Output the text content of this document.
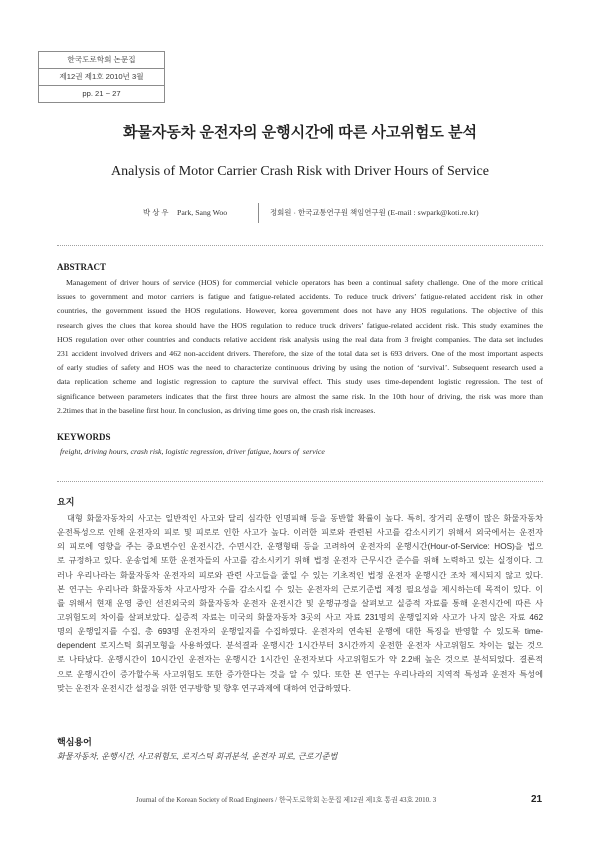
한국도로학회 논문집
제12권 제1호 2010년 3월
pp. 21 ~ 27
화물자동차 운전자의 운행시간에 따른 사고위험도 분석
Analysis of Motor Carrier Crash Risk with Driver Hours of Service
박 상 우 Park, Sang Woo	정회원 · 한국교통연구원 책임연구원 (E-mail : swpark@koti.re.kr)
ABSTRACT
Management of driver hours of service (HOS) for commercial vehicle operators has been a continual safety challenge. One of the more critical
issues to government and motor carriers is fatigue and fatigue-related accidents. To reduce truck drivers’ fatigue-related accident risk in other
countries, the government issued the HOS regulations. However, korea government does not have any HOS regulations. The objective of this
research gives the clues that korea should have the HOS regulation to reduce truck drivers’ fatigue-related accident risk. This study examines the
HOS regulation over other countries and conducts relative accident risk analysis using the real data from 3 freight companies. The data set includes
231 accident involved drivers and 462 non-accident drivers. Therefore, the size of the total data set is 693 drivers. One of the most important aspects
of early studies of safety and HOS was the need to characterize continuous driving by using the notion of ‘survival’. Subsequent research used a
data replication scheme and logistic regression to capture the survival effect. This study uses time-dependent logistic regression. The test of
significance between parameters indicates that the first three hours are almost the same risk. In the 10th hour of driving, the risk was more than
2.2times that in the baseline first hour. In conclusion, as driving time goes on, the crash risk increases.
KEYWORDS
freight, driving hours, crash risk, logistic regression, driver fatigue, hours of  service
요지
대형 화물자동차의 사고는 일반적인 사고와 달리 심각한 인명피해 등을 동반할 확률이 높다. 특히, 장거리 운행이 많은 화물자동차
운전특성으로 인해 운전자의 피로 및 피로로 인한 사고가 높다. 이러한 피로와 관련된 사고를 감소시키기 위해서 외국에서는 운전자
의 피로에 영향을 주는 중요변수인 운전시간, 수면시간, 운행형태 등을 고려하여 운전자의 운행시간(Hour-of-Service: HOS)을 법으
로 규정하고 있다. 운송업체 또한 운전자들의 사고를 감소시키기 위해 법정 운전자 근무시간 준수를 위해 노력하고 있는 실정이다. 그
러나 우리나라는 화물자동차 운전자의 피로와 관련 사고들을 줄일 수 있는 기초적인 법정 운전자 운행시간 조차 제시되지 않고 있다.
본 연구는 우리나라 화물자동차 사고사망자 수를 감소시킬 수 있는 운전자의 근로기준법 제정 필요성을 제시하는데 목적이 있다. 이
를 위해서 현재 운영 중인 선진외국의 화물자동차 운전자 운전시간 및 운행규정을 살펴보고 실증적 자료를 통해 운전시간에 따른 사
고위험도의 차이를 살펴보았다. 실증적 자료는 미국의 화물자동차 3곳의 사고 자료 231명의 운행일지와 사고가 나지 않은 자료 462
명의 운행일지를 수집, 총 693명 운전자의 운행일지를 수집하였다. 운전자의 연속된 운행에 대한 특징을 반영할 수 있도록 time-
dependent 로지스틱 회귀모형을 사용하였다. 분석결과 운행시간 1시간부터 3시간까지 운전한 운전자 사고위험도 차이는 없는 것으
로 나타났다. 운행시간이 10시간인 운전자는 운행시간 1시간인 운전자보다 사고위험도가 약 2.2배 높은 것으로 분석되었다. 결론적
으로 운행시간이 증가할수록 사고위험도 또한 증가한다는 것을 알 수 있다. 또한 본 연구는 우리나라의 지역적 특성과 운전자 특성에
맞는 운전자 운전시간 설정을 위한 연구방향 및 향후 연구과제에 대하여 언급하였다.
핵심용어
화물자동차, 운행시간, 사고위험도, 로지스틱 회귀분석, 운전자 피로, 근로기준법
Journal of the Korean Society of Road Engineers / 한국도로학회 논문집 제12권 제1호 통권 43호 2010. 3	21
